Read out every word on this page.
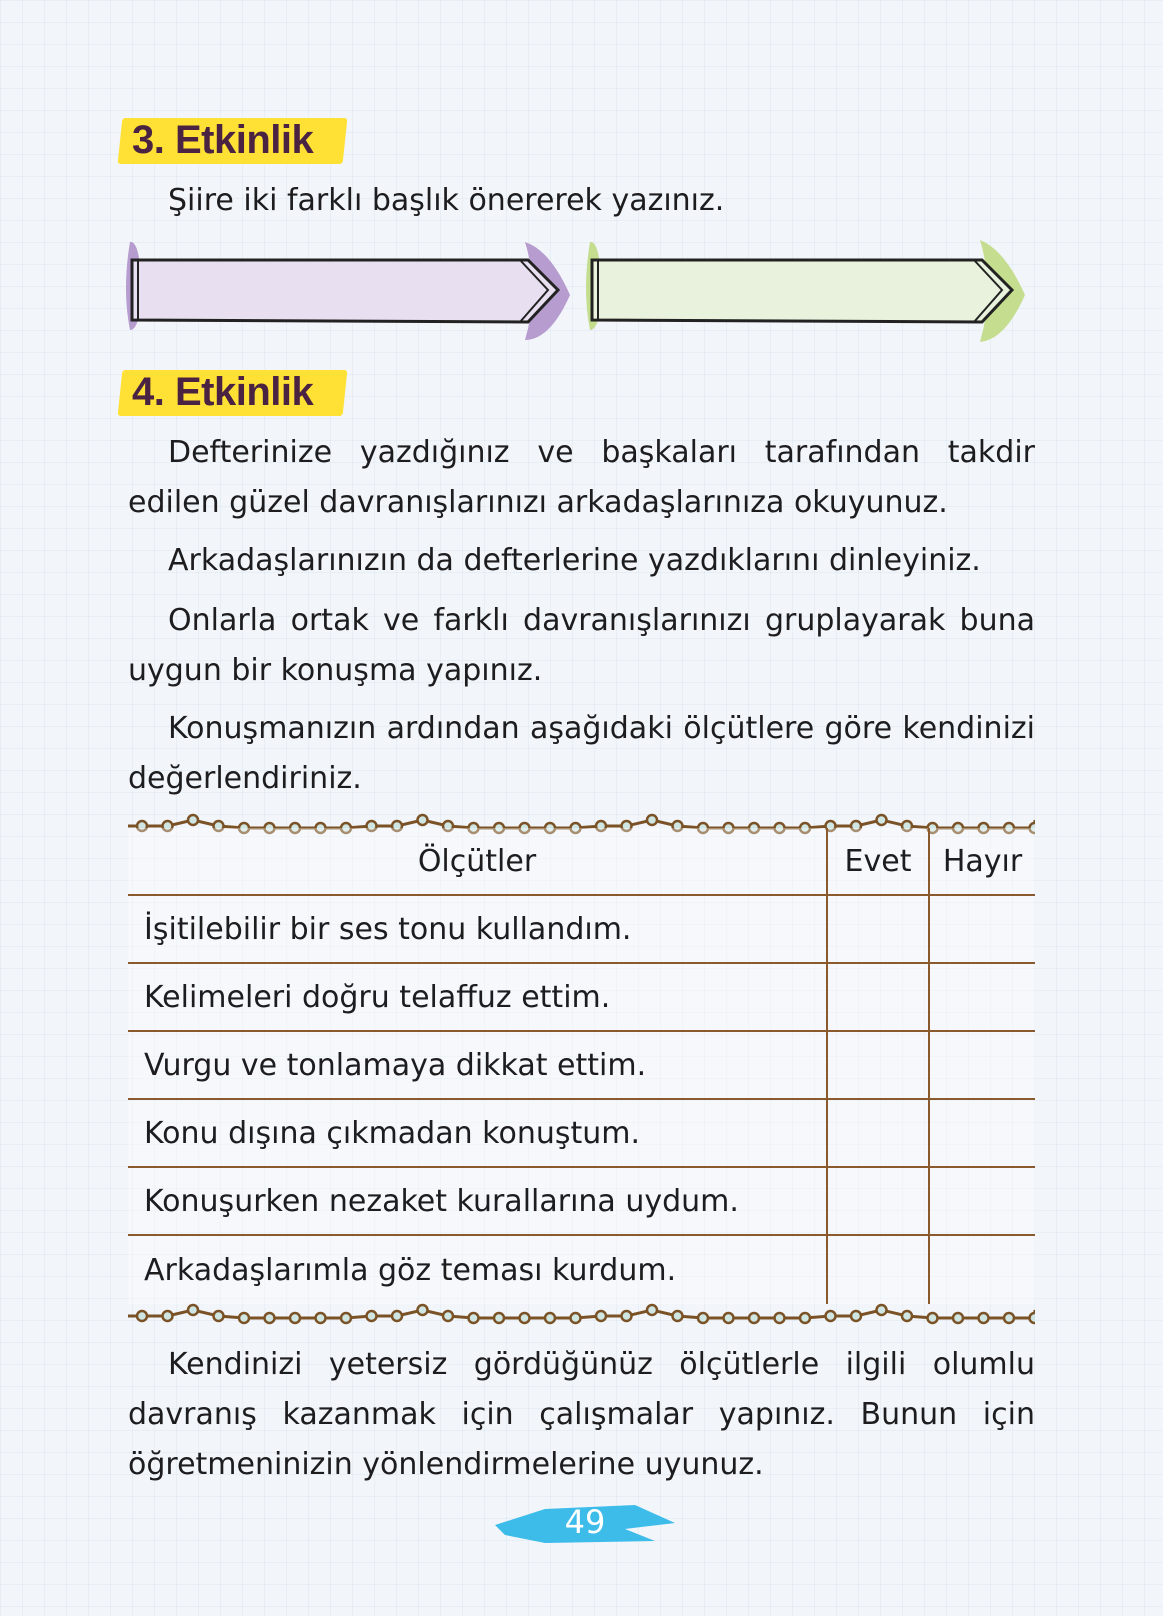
3. Etkinlik
Şiire iki farklı başlık önererek yazınız.
4. Etkinlik
Defterinize yazdığınız ve başkaları tarafından takdir edilen güzel davranışlarınızı arkadaşlarınıza okuyunuz.
Arkadaşlarınızın da defterlerine yazdıklarını dinleyiniz.
Onlarla ortak ve farklı davranışlarınızı gruplayarak buna uygun bir konuşma yapınız.
Konuşmanızın ardından aşağıdaki ölçütlere göre kendinizi değerlendiriniz.
Ölçütler	Evet	Hayır
İşitilebilir bir ses tonu kullandım.
Kelimeleri doğru telaffuz ettim.
Vurgu ve tonlamaya dikkat ettim.
Konu dışına çıkmadan konuştum.
Konuşurken nezaket kurallarına uydum.
Arkadaşlarımla göz teması kurdum.
Kendinizi yetersiz gördüğünüz ölçütlerle ilgili olumlu davranış kazanmak için çalışmalar yapınız. Bunun için öğretmeninizin yönlendirmelerine uyunuz.
49
